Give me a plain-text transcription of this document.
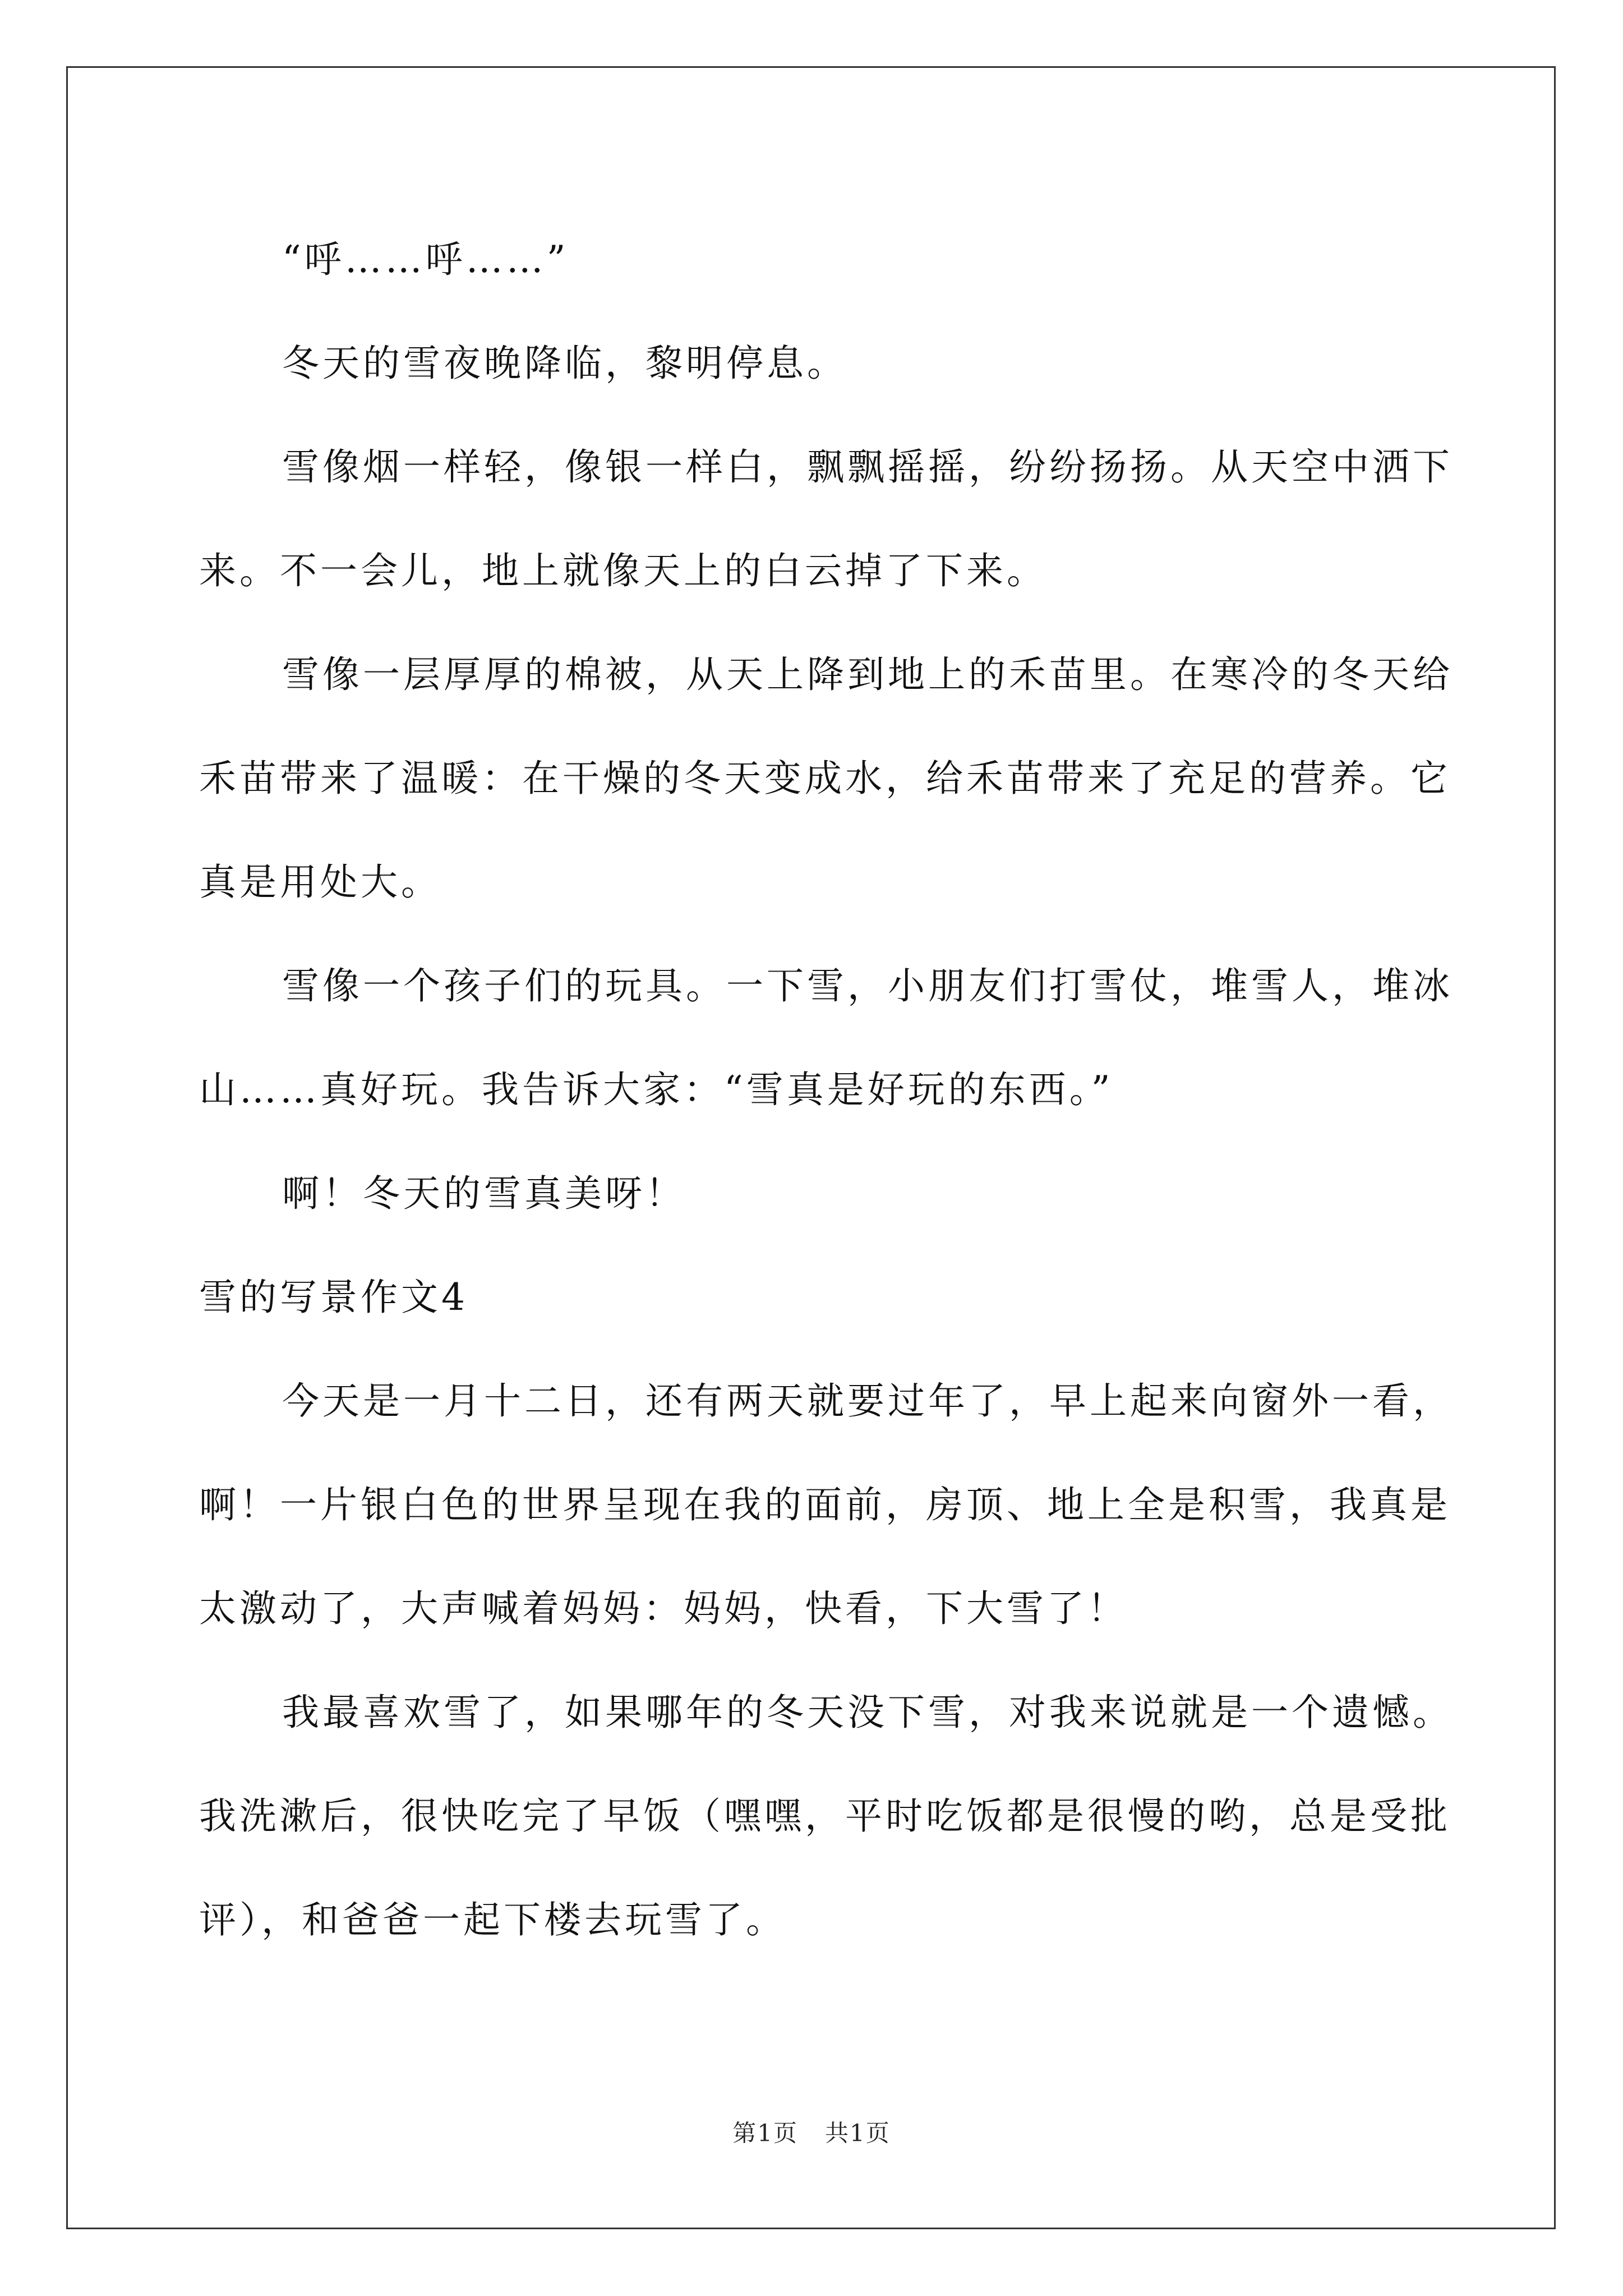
“呼……呼……”

冬天的雪夜晚降临，黎明停息。

雪像烟一样轻，像银一样白，飘飘摇摇，纷纷扬扬。从天空中洒下来。不一会儿，地上就像天上的白云掉了下来。

雪像一层厚厚的棉被，从天上降到地上的禾苗里。在寒冷的冬天给禾苗带来了温暖：在干燥的冬天变成水，给禾苗带来了充足的营养。它真是用处大。

雪像一个孩子们的玩具。一下雪，小朋友们打雪仗，堆雪人，堆冰山……真好玩。我告诉大家：“雪真是好玩的东西。”

啊！冬天的雪真美呀！

雪的写景作文4

今天是一月十二日，还有两天就要过年了，早上起来向窗外一看，啊！一片银白色的世界呈现在我的面前，房顶、地上全是积雪，我真是太激动了，大声喊着妈妈：妈妈，快看，下大雪了！

我最喜欢雪了，如果哪年的冬天没下雪，对我来说就是一个遗憾。我洗漱后，很快吃完了早饭（嘿嘿，平时吃饭都是很慢的哟，总是受批评），和爸爸一起下楼去玩雪了。

第1页 共1页
